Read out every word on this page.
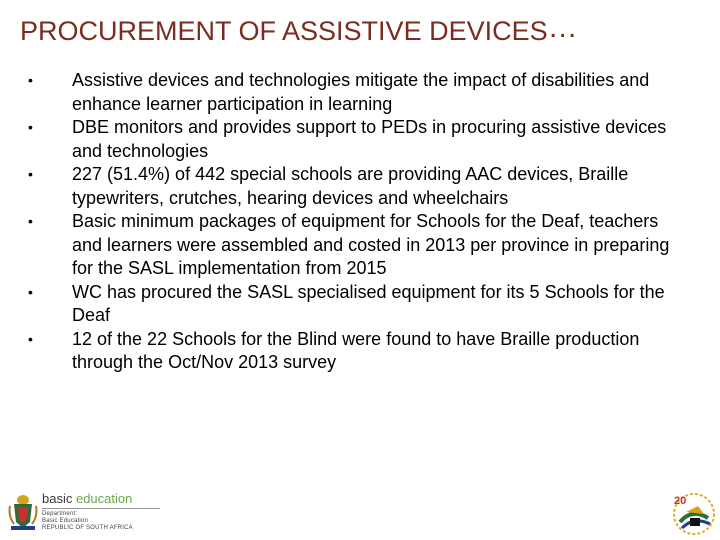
PROCUREMENT OF ASSISTIVE DEVICES…
• Assistive devices and technologies mitigate the impact of disabilities and enhance learner participation in learning
• DBE monitors and provides support to PEDs in procuring assistive devices and technologies
• 227 (51.4%) of 442 special schools are providing AAC devices, Braille typewriters, crutches, hearing devices and wheelchairs
• Basic minimum packages of equipment for Schools for the Deaf, teachers and learners were assembled and costed in 2013 per province in preparing for the SASL implementation from 2015
• WC has procured the SASL specialised equipment for its 5 Schools for the Deaf
• 12 of the 22 Schools for the Blind were found to have Braille production through the Oct/Nov 2013 survey
basic education
Department:
Basic Education
REPUBLIC OF SOUTH AFRICA
20
